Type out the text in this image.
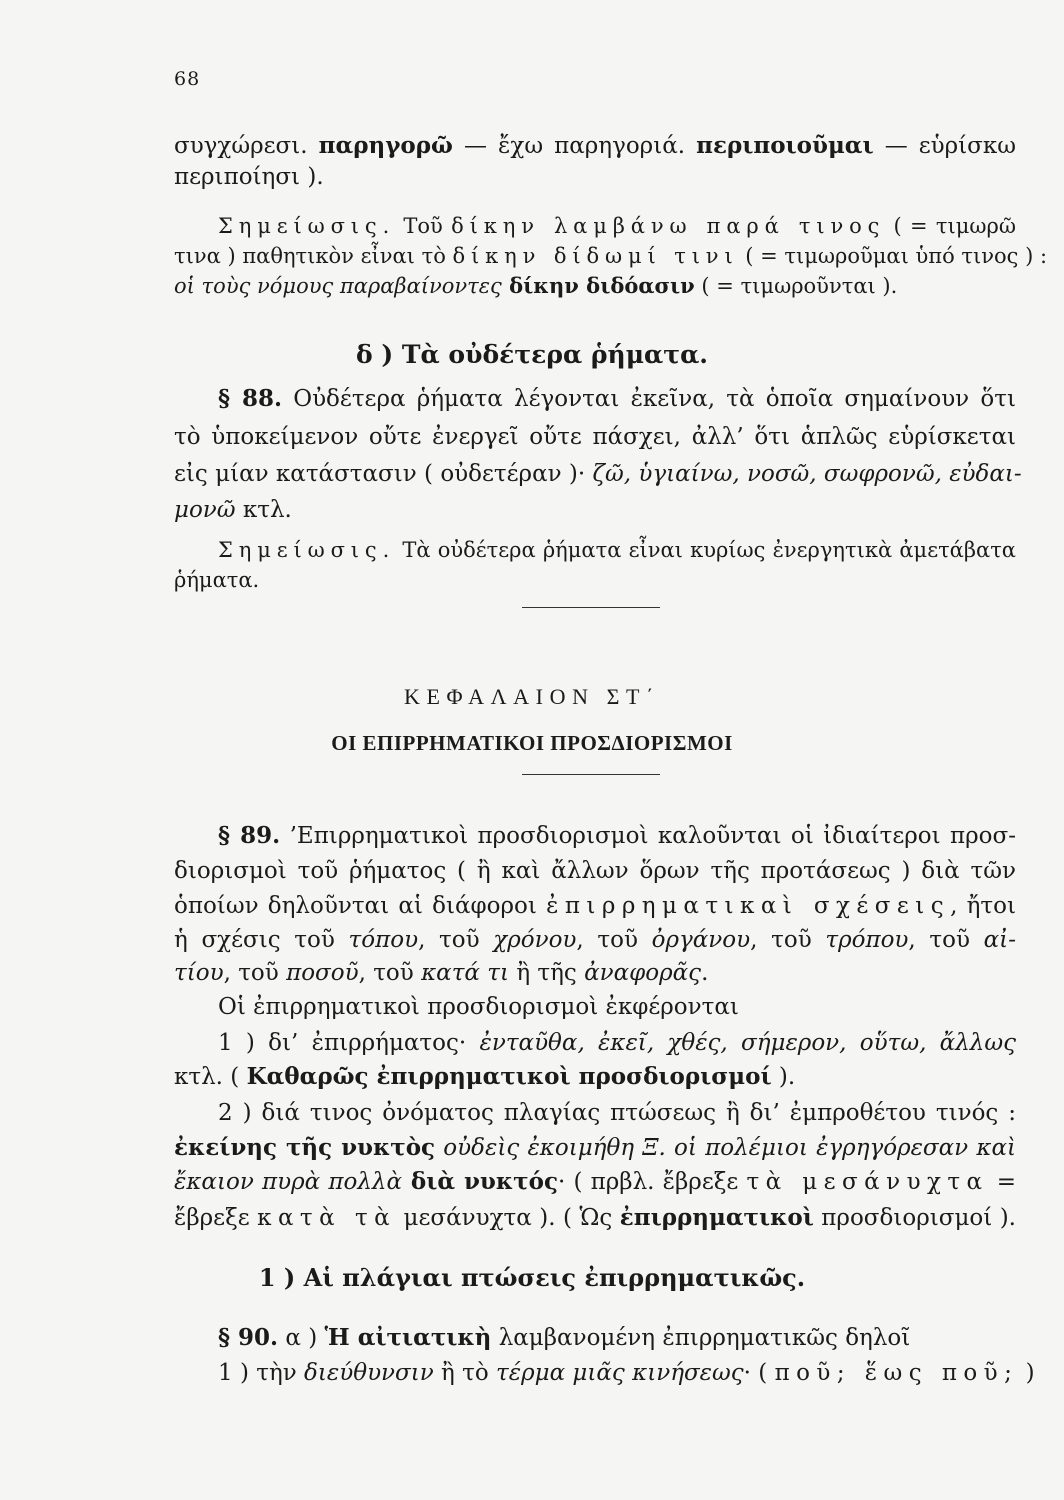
68
συγχώρεσι. παρηγορῶ — ἔχω παρηγοριά. περιποιοῦμαι — εὑρίσκω
περιποίησι ).
Σημείωσις. Τοῦ δίκην λαμβάνω παρά τινος ( = τιμωρῶ
τινα ) παθητικὸν εἶναι τὸ δίκην δίδωμί τινι ( = τιμωροῦμαι ὑπό τινος ) :
οἱ τοὺς νόμους παραβαίνοντες δίκην διδόασιν ( = τιμωροῦνται ).
δ ) Τὰ οὐδέτερα ῥήματα.
§ 88. Οὐδέτερα ῥήματα λέγονται ἐκεῖνα, τὰ ὁποῖα σημαίνουν ὅτι
τὸ ὑποκείμενον οὔτε ἐνεργεῖ οὔτε πάσχει, ἀλλ’ ὅτι ἁπλῶς εὑρίσκεται
εἰς μίαν κατάστασιν ( οὐδετέραν )· ζῶ, ὑγιαίνω, νοσῶ, σωφρονῶ, εὐδαι-
μονῶ κτλ.
Σημείωσις. Τὰ οὐδέτερα ῥήματα εἶναι κυρίως ἐνεργητικὰ ἀμετάβατα
ῥήματα.
ΚΕΦΑΛΑΙΟΝ ΣΤ΄
ΟΙ ΕΠΙΡΡΗΜΑΤΙΚΟΙ ΠΡΟΣΔΙΟΡΙΣΜΟΙ
§ 89. ’Επιρρηματικοὶ προσδιορισμοὶ καλοῦνται οἱ ἰδιαίτεροι προσ-
διορισμοὶ τοῦ ῥήματος ( ἢ καὶ ἄλλων ὅρων τῆς προτάσεως ) διὰ τῶν
ὁποίων δηλοῦνται αἱ διάφοροι ἐπιρρηματικαὶ σχέσεις, ἤτοι
ἡ σχέσις τοῦ τόπου, τοῦ χρόνου, τοῦ ὀργάνου, τοῦ τρόπου, τοῦ αἰ-
τίου, τοῦ ποσοῦ, τοῦ κατά τι ἢ τῆς ἀναφορᾶς.
Οἱ ἐπιρρηματικοὶ προσδιορισμοὶ ἐκφέρονται
1 ) δι’ ἐπιρρήματος· ἐνταῦθα, ἐκεῖ, χθές, σήμερον, οὕτω, ἄλλως
κτλ. ( Καθαρῶς ἐπιρρηματικοὶ προσδιορισμοί ).
2 ) διά τινος ὀνόματος πλαγίας πτώσεως ἢ δι’ ἐμπροθέτου τινός :
ἐκείνης τῆς νυκτὸς οὐδεὶς ἐκοιμήθη Ξ. οἱ πολέμιοι ἐγρηγόρεσαν καὶ
ἔκαιον πυρὰ πολλὰ διὰ νυκτός· ( πρβλ. ἔβρεξε τὰ μεσάνυχτα =
ἔβρεξε κατὰ τὰ μεσάνυχτα ). ( Ὡς ἐπιρρηματικοὶ προσδιορισμοί ).
1 ) Αἱ πλάγιαι πτώσεις ἐπιρρηματικῶς.
§ 90. α ) Ἡ αἰτιατικὴ λαμβανομένη ἐπιρρηματικῶς δηλοῖ
1 ) τὴν διεύθυνσιν ἢ τὸ τέρμα μιᾶς κινήσεως· ( ποῦ; ἕως ποῦ; )
